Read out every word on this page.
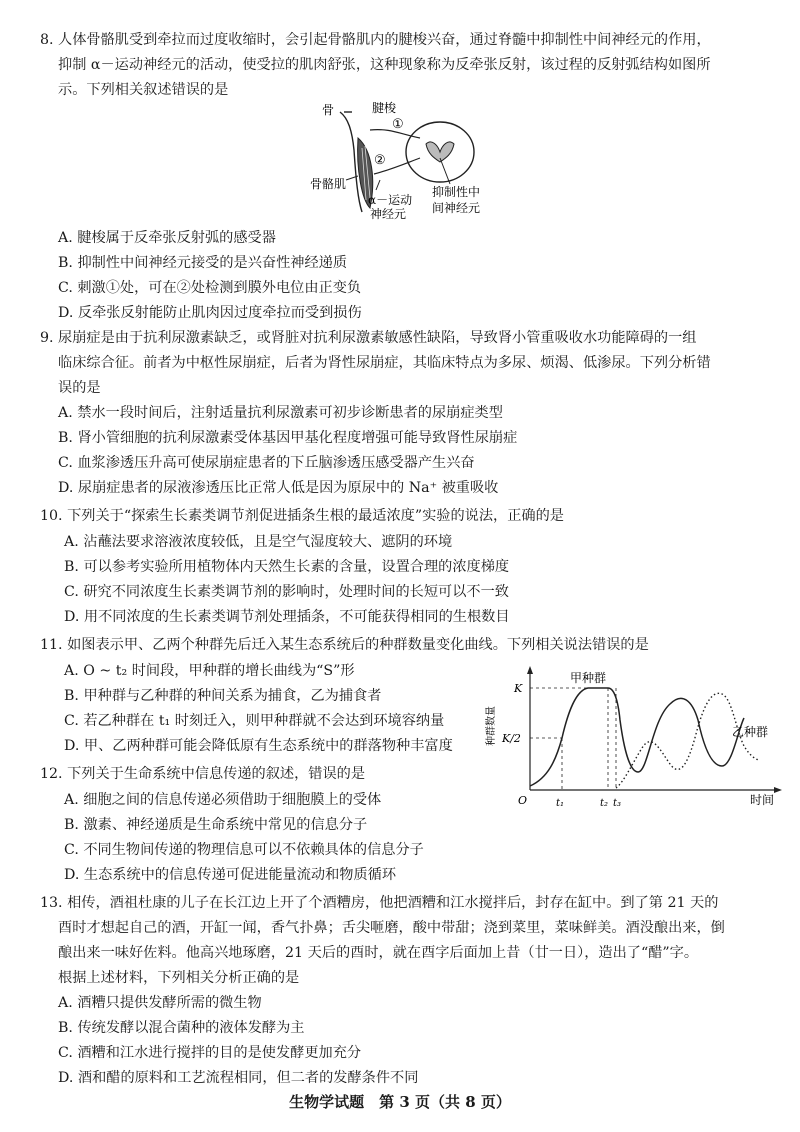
8. 人体骨骼肌受到牵拉而过度收缩时，会引起骨骼肌内的腱梭兴奋，通过脊髓中抑制性中间神经元的作用，
抑制 α－运动神经元的活动，使受拉的肌肉舒张，这种现象称为反牵张反射，该过程的反射弧结构如图所
示。下列相关叙述错误的是
骨	腱梭
①
②
骨骼肌
α－运动
神经元
抑制性中
间神经元
A. 腱梭属于反牵张反射弧的感受器
B. 抑制性中间神经元接受的是兴奋性神经递质
C. 刺激①处，可在②处检测到膜外电位由正变负
D. 反牵张反射能防止肌肉因过度牵拉而受到损伤
9. 尿崩症是由于抗利尿激素缺乏，或肾脏对抗利尿激素敏感性缺陷，导致肾小管重吸收水功能障碍的一组
临床综合征。前者为中枢性尿崩症，后者为肾性尿崩症，其临床特点为多尿、烦渴、低渗尿。下列分析错
误的是
A. 禁水一段时间后，注射适量抗利尿激素可初步诊断患者的尿崩症类型
B. 肾小管细胞的抗利尿激素受体基因甲基化程度增强可能导致肾性尿崩症
C. 血浆渗透压升高可使尿崩症患者的下丘脑渗透压感受器产生兴奋
D. 尿崩症患者的尿液渗透压比正常人低是因为原尿中的 Na⁺ 被重吸收
10. 下列关于“探索生长素类调节剂促进插条生根的最适浓度”实验的说法，正确的是
A. 沾蘸法要求溶液浓度较低，且是空气湿度较大、遮阴的环境
B. 可以参考实验所用植物体内天然生长素的含量，设置合理的浓度梯度
C. 研究不同浓度生长素类调节剂的影响时，处理时间的长短可以不一致
D. 用不同浓度的生长素类调节剂处理插条，不可能获得相同的生根数目
11. 如图表示甲、乙两个种群先后迁入某生态系统后的种群数量变化曲线。下列相关说法错误的是
A. O ~ t₂ 时间段，甲种群的增长曲线为“S”形
B. 甲种群与乙种群的种间关系为捕食，乙为捕食者
C. 若乙种群在 t₁ 时刻迁入，则甲种群就不会达到环境容纳量
D. 甲、乙两种群可能会降低原有生态系统中的群落物种丰富度	种群数量
K
K/2
O	t₁	t₂ t₃	时间
甲种群
乙种群
12. 下列关于生命系统中信息传递的叙述，错误的是
A. 细胞之间的信息传递必须借助于细胞膜上的受体
B. 激素、神经递质是生命系统中常见的信息分子
C. 不同生物间传递的物理信息可以不依赖具体的信息分子
D. 生态系统中的信息传递可促进能量流动和物质循环
13. 相传，酒祖杜康的儿子在长江边上开了个酒糟房，他把酒糟和江水搅拌后，封存在缸中。到了第 21 天的
酉时才想起自己的酒，开缸一闻，香气扑鼻；舌尖咂磨，酸中带甜；浇到菜里，菜味鲜美。酒没酿出来，倒
酿出来一味好佐料。他高兴地琢磨，21 天后的酉时，就在酉字后面加上昔（廿一日），造出了“醋”字。
根据上述材料，下列相关分析正确的是
A. 酒糟只提供发酵所需的微生物
B. 传统发酵以混合菌种的液体发酵为主
C. 酒糟和江水进行搅拌的目的是使发酵更加充分
D. 酒和醋的原料和工艺流程相同，但二者的发酵条件不同
生物学试题　第 3 页（共 8 页）
